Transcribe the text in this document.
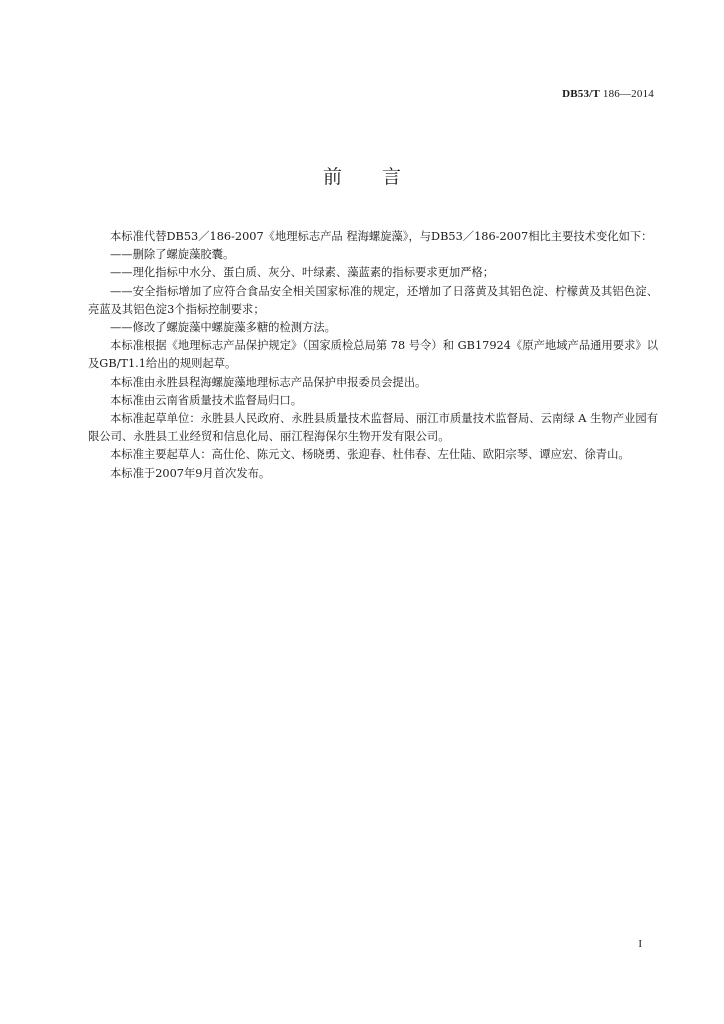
DB53/T 186—2014
前言

本标准代替DB53／186-2007《地理标志产品 程海螺旋藻》，与DB53／186-2007相比主要技术变化如下：

——删除了螺旋藻胶囊。

——理化指标中水分、蛋白质、灰分、叶绿素、藻蓝素的指标要求更加严格；

——安全指标增加了应符合食品安全相关国家标准的规定，还增加了日落黄及其铝色淀、柠檬黄及其铝色淀、亮蓝及其铝色淀3个指标控制要求；

——修改了螺旋藻中螺旋藻多糖的检测方法。

本标准根据《地理标志产品保护规定》（国家质检总局第 78 号令）和 GB17924《原产地域产品通用要求》以及GB/T1.1给出的规则起草。

本标准由永胜县程海螺旋藻地理标志产品保护申报委员会提出。

本标准由云南省质量技术监督局归口。

本标准起草单位：永胜县人民政府、永胜县质量技术监督局、丽江市质量技术监督局、云南绿 A 生物产业园有限公司、永胜县工业经贸和信息化局、丽江程海保尔生物开发有限公司。

本标准主要起草人：高仕伦、陈元文、杨晓勇、张迎春、杜伟春、左仕陆、欧阳宗琴、谭应宏、徐青山。

本标准于2007年9月首次发布。

I
